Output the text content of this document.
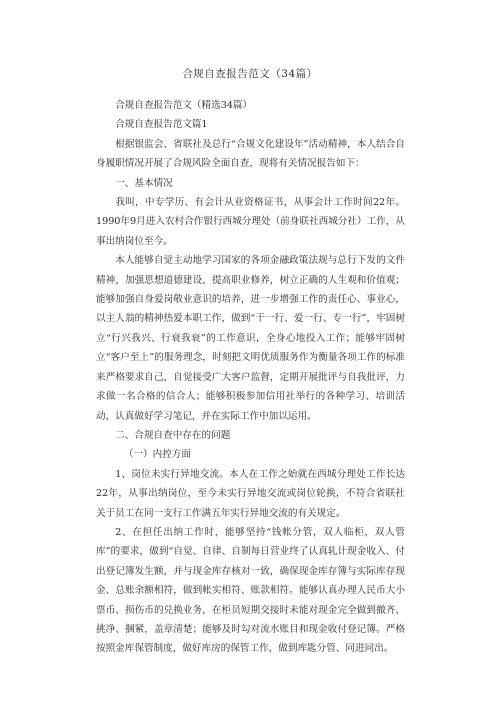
合规自查报告范文（34篇）

合规自查报告范文（精选34篇）

合规自查报告范文篇1

根据银监会、省联社及总行“合规文化建设年”活动精神，本人结合自身履职情况开展了合规风险全面自查，现将有关情况报告如下：

一、基本情况

我叫，中专学历、有会计从业资格证书，从事会计工作时间22年。1990年9月进入农村合作银行西城分理处（前身联社西城分社）工作，从事出纳岗位至今。

本人能够自觉主动地学习国家的各项金融政策法规与总行下发的文件精神，加强思想道德建设，提高职业修养，树立正确的人生观和价值观；能够加强自身爱岗敬业意识的培养，进一步增强工作的责任心、事业心，以主人翁的精神热爱本职工作，做到“干一行、爱一行、专一行”，牢固树立“行兴我兴、行衰我衰”的工作意识，全身心地投入工作；能够牢固树立“客户至上”的服务理念，时刻把文明优质服务作为衡量各项工作的标准来严格要求自己，自觉接受广大客户监督，定期开展批评与自我批评，力求做一名合格的信合人；能够积极参加信用社举行的各种学习、培训活动，认真做好学习笔记，并在实际工作中加以运用。

二、合规自查中存在的问题

（一）内控方面

1、岗位未实行异地交流。本人在工作之始就在西城分理处工作长达22年，从事出纳岗位，至今未实行异地交流或岗位轮换，不符合省联社关于员工在同一支行工作满五年实行异地交流的有关规定。

2、在担任出纳工作时，能够坚持“钱帐分管，双人临柜，双人管库”的要求，做到“自觉、自律、自制每日营业终了认真轧计现金收入、付出登记簿发生额，并与现金库存核对一致，确保现金库存簿与实际库存现金、总账余额相符，做到帐实相符、账款相符。能够认真办理人民币大小票币、损伤币的兑换业务，在柜员短期交接时未能对现金完全做到撤齐、挑净、捆紧，盖章清楚；能够及时勾对流水账目和现金收付登记簿。严格按照金库保管制度，做好库房的保管工作，做到库匙分管、同进同出。
